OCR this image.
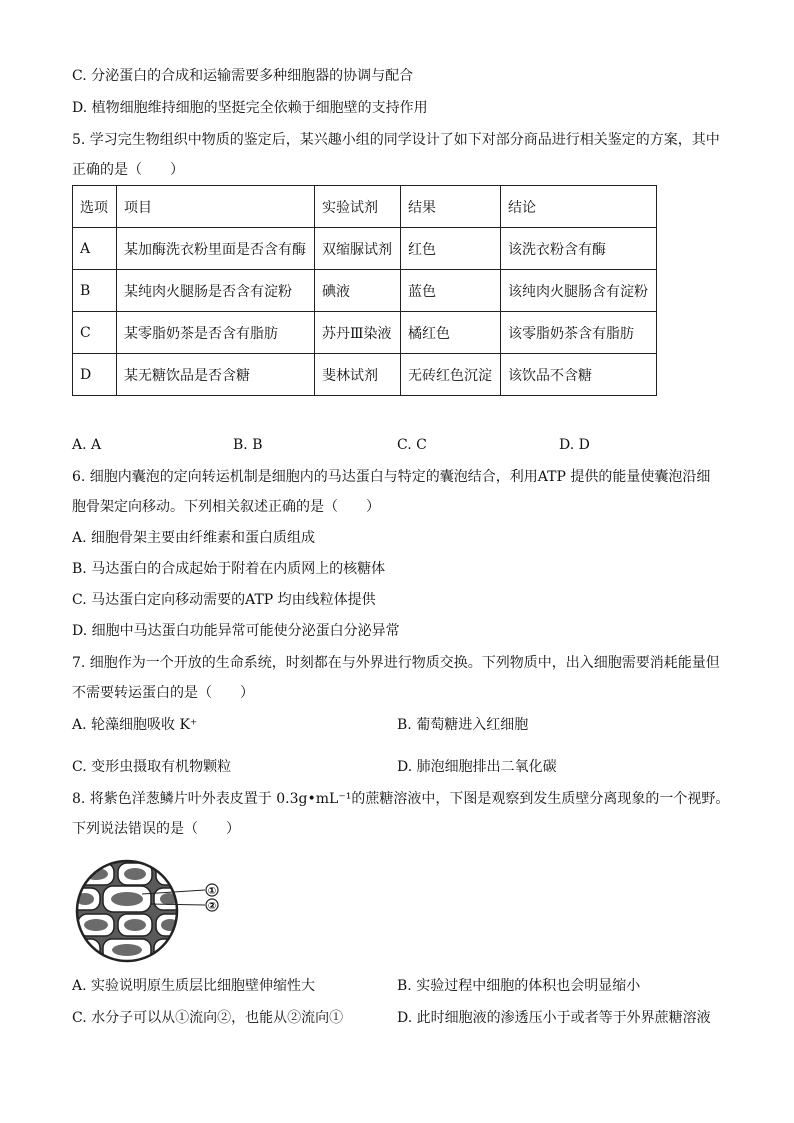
C. 分泌蛋白的合成和运输需要多种细胞器的协调与配合
D. 植物细胞维持细胞的坚挺完全依赖于细胞壁的支持作用
5. 学习完生物组织中物质的鉴定后，某兴趣小组的同学设计了如下对部分商品进行相关鉴定的方案，其中
正确的是（　　）
选项	项目	实验试剂	结果	结论
A	某加酶洗衣粉里面是否含有酶	双缩脲试剂	红色	该洗衣粉含有酶
B	某纯肉火腿肠是否含有淀粉	碘液	蓝色	该纯肉火腿肠含有淀粉
C	某零脂奶茶是否含有脂肪	苏丹Ⅲ染液	橘红色	该零脂奶茶含有脂肪
D	某无糖饮品是否含糖	斐林试剂	无砖红色沉淀	该饮品不含糖
A. A	B. B	C. C	D. D
6. 细胞内囊泡的定向转运机制是细胞内的马达蛋白与特定的囊泡结合，利用ATP 提供的能量使囊泡沿细
胞骨架定向移动。下列相关叙述正确的是（　　）
A. 细胞骨架主要由纤维素和蛋白质组成
B. 马达蛋白的合成起始于附着在内质网上的核糖体
C. 马达蛋白定向移动需要的ATP 均由线粒体提供
D. 细胞中马达蛋白功能异常可能使分泌蛋白分泌异常
7. 细胞作为一个开放的生命系统，时刻都在与外界进行物质交换。下列物质中，出入细胞需要消耗能量但
不需要转运蛋白的是（　　）
A. 轮藻细胞吸收 K⁺	B. 葡萄糖进入红细胞
C. 变形虫摄取有机物颗粒	D. 肺泡细胞排出二氧化碳
8. 将紫色洋葱鳞片叶外表皮置于 0.3g•mL⁻¹的蔗糖溶液中，下图是观察到发生质壁分离现象的一个视野。
下列说法错误的是（　　）
①
②
A. 实验说明原生质层比细胞壁伸缩性大	B. 实验过程中细胞的体积也会明显缩小
C. 水分子可以从①流向②，也能从②流向①	D. 此时细胞液的渗透压小于或者等于外界蔗糖溶液
